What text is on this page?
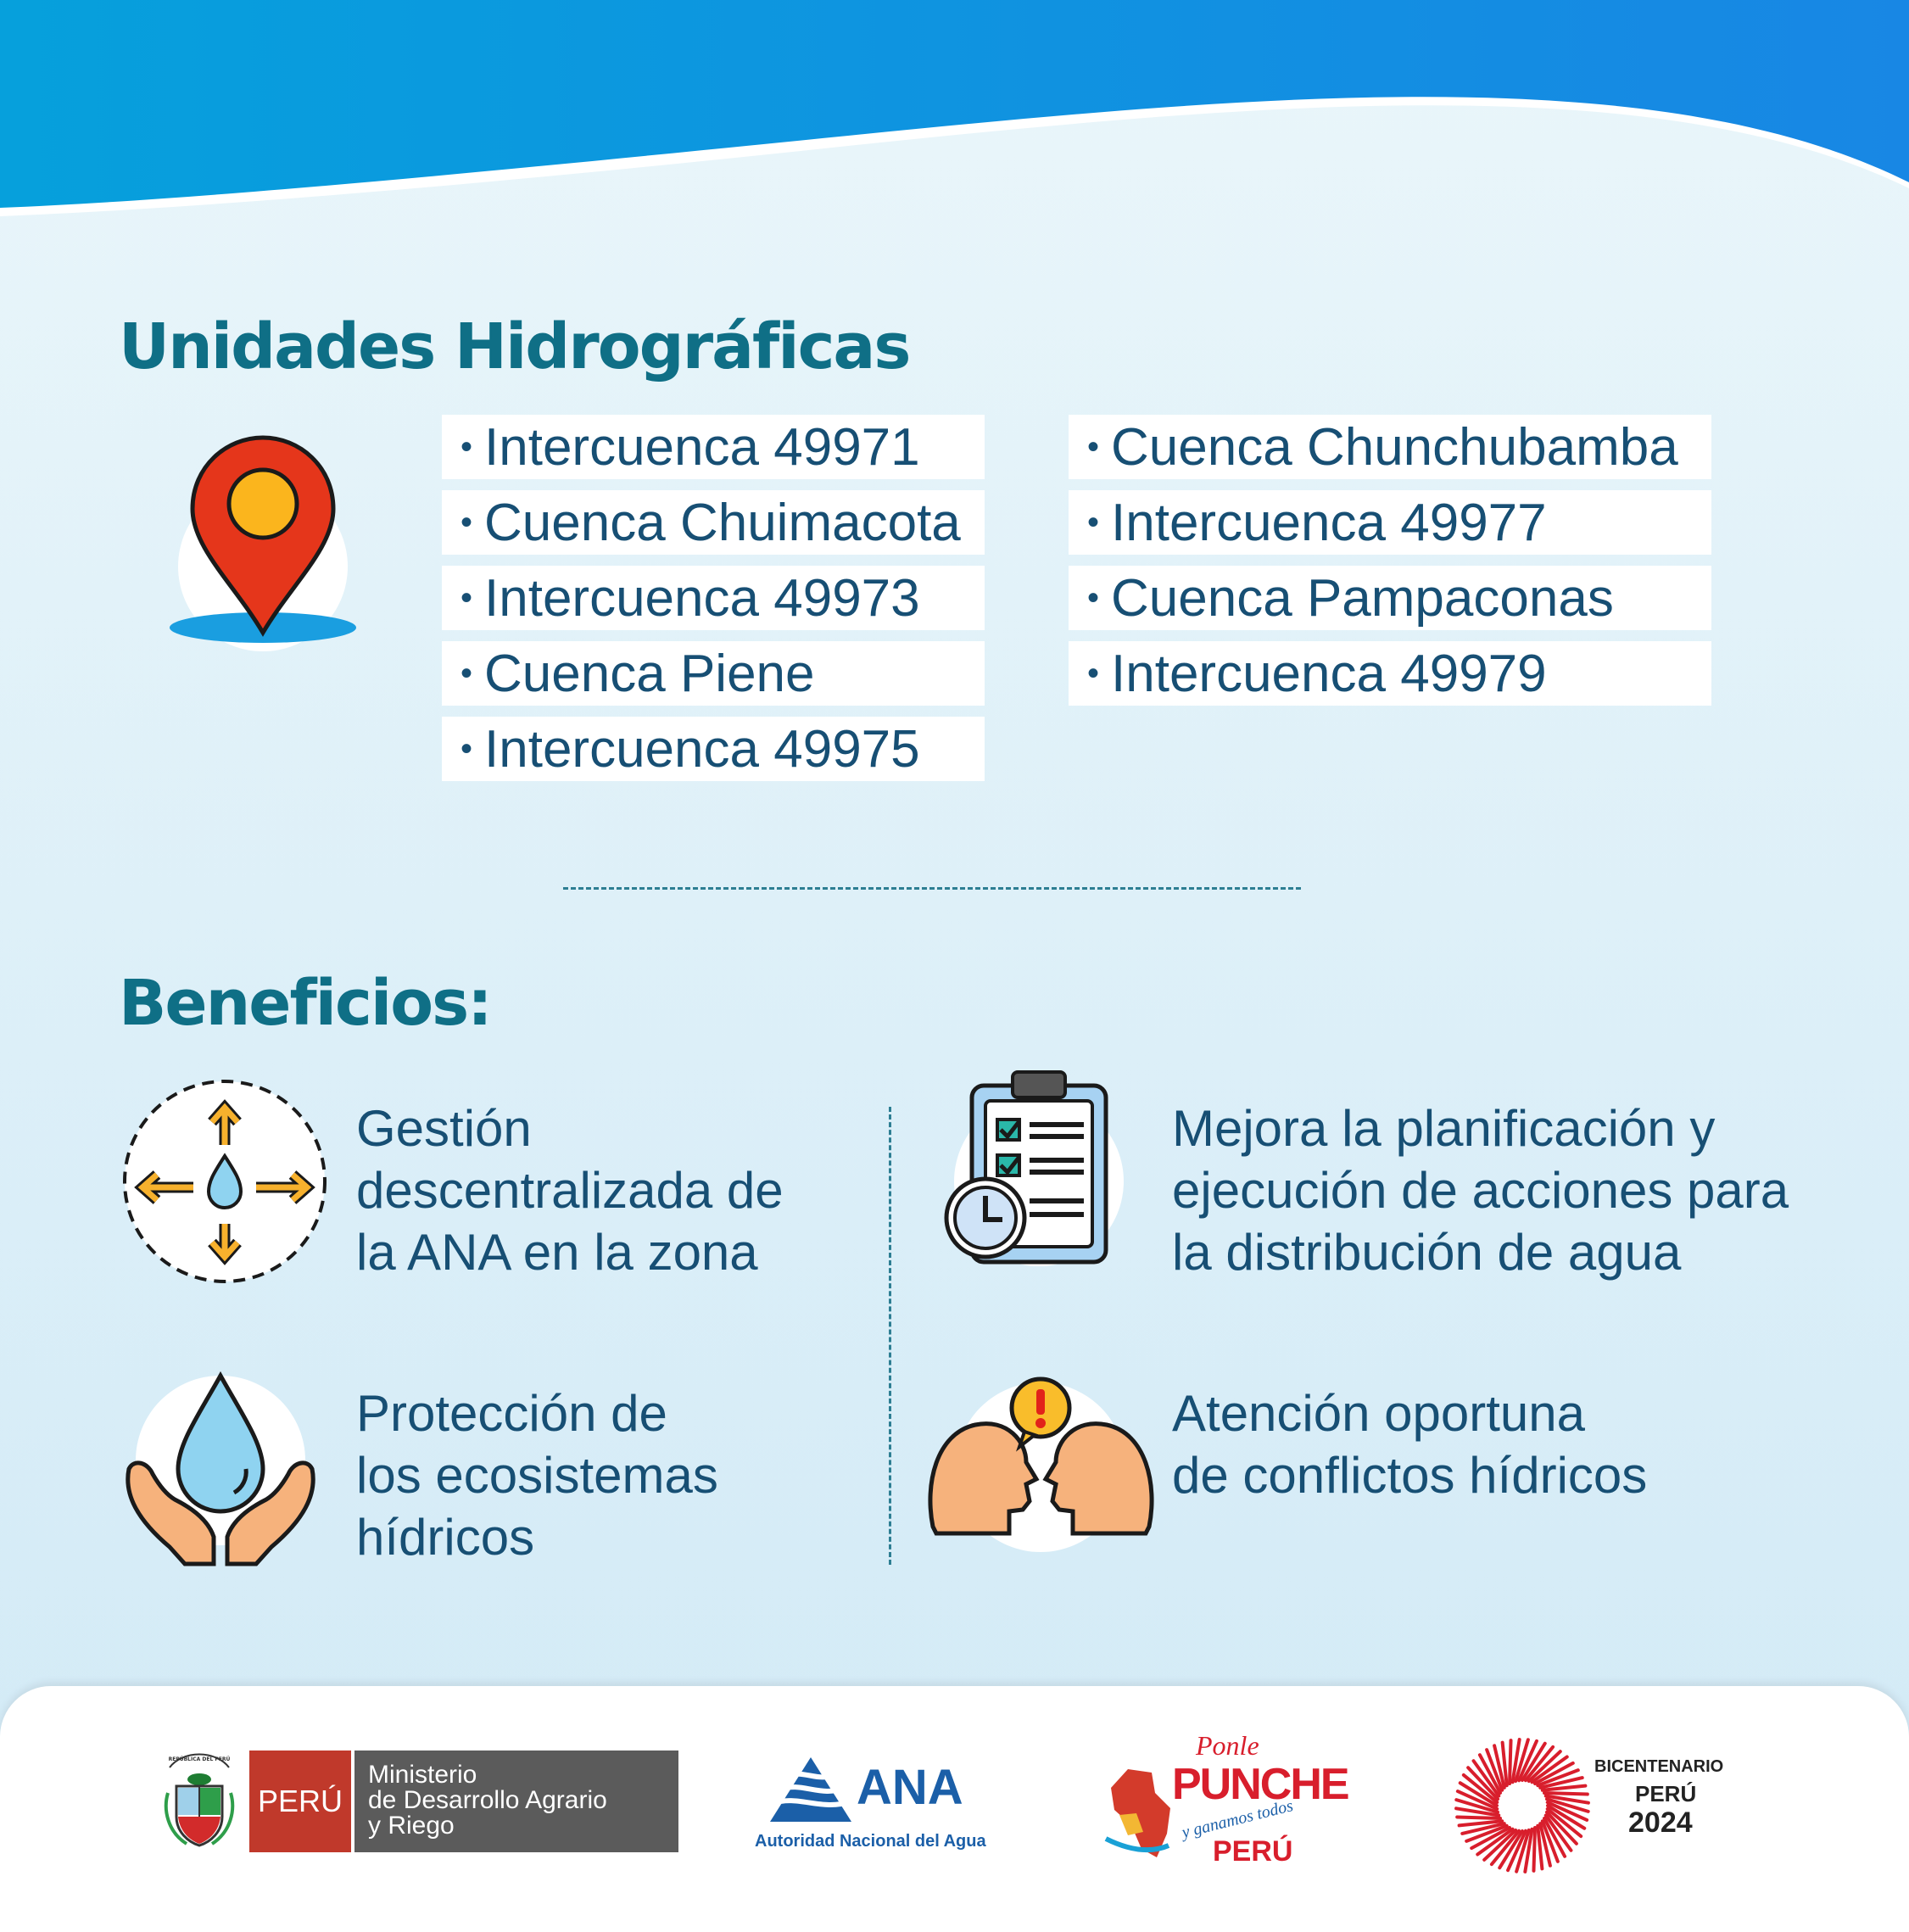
Unidades Hidrográficas
• Intercuenca 49971
• Cuenca Chuimacota
• Intercuenca 49973
• Cuenca Piene
• Intercuenca 49975
• Cuenca Chunchubamba
• Intercuenca 49977
• Cuenca Pampaconas
• Intercuenca 49979
Beneficios:

Gestión
descentralizada de
la ANA en la zona

Mejora la planificación y
ejecución de acciones para
la distribución de agua

Protección de
los ecosistemas
hídricos

Atención oportuna
de conflictos hídricos

REPÚBLICA DEL PERÚ
PERÚ
Ministerio
de Desarrollo Agrario
y Riego
ANA
Autoridad Nacional del Agua
Ponle
PUNCHE
y ganamos todos
PERÚ
BICENTENARIO
PERÚ
2024
